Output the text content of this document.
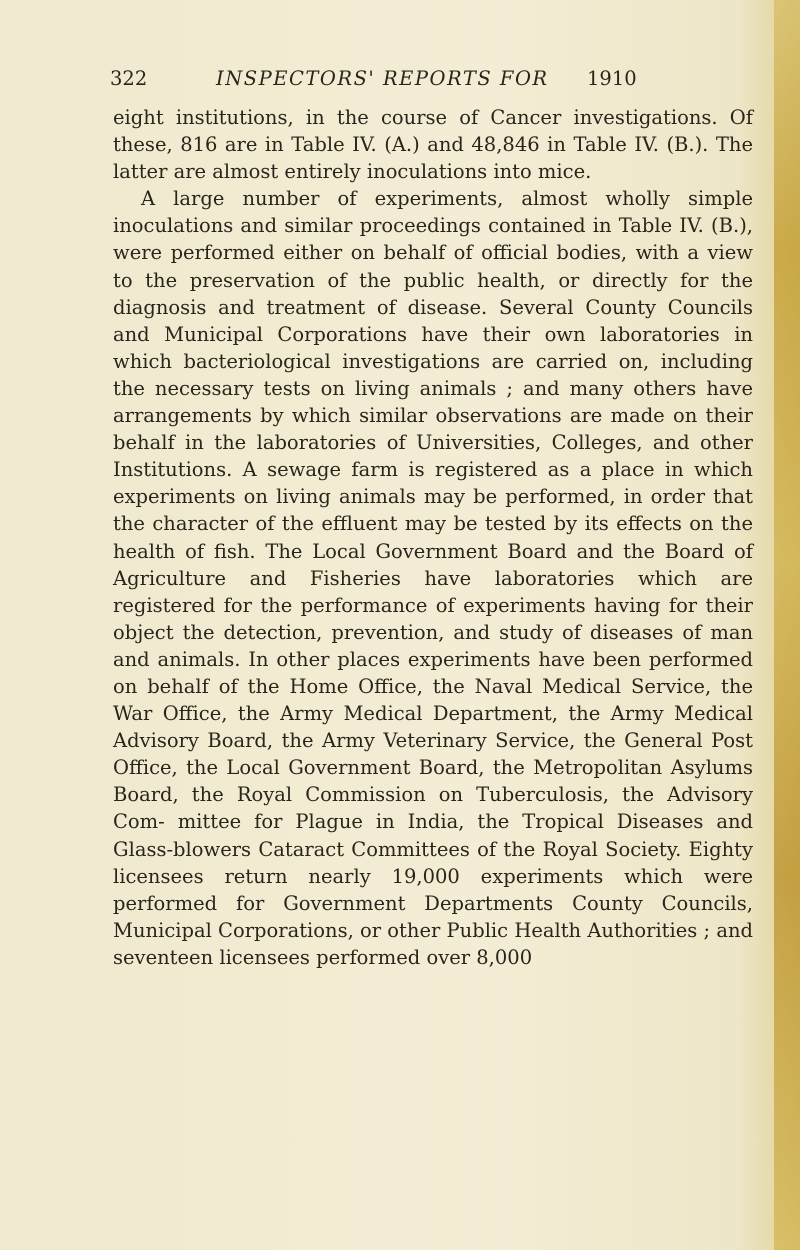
322	INSPECTORS' REPORTS FOR 1910

eight institutions, in the course of Cancer investigations. Of these, 816 are in Table IV. (A.) and 48,846 in Table IV. (B.). The latter are almost entirely inoculations into mice.

A large number of experiments, almost wholly simple inoculations and similar proceedings contained in Table IV. (B.), were performed either on behalf of official bodies, with a view to the preservation of the public health, or directly for the diagnosis and treatment of disease. Several County Councils and Municipal Corporations have their own laboratories in which bacteriological investigations are carried on, including the necessary tests on living animals ; and many others have arrangements by which similar observations are made on their behalf in the laboratories of Universities, Colleges, and other Institutions. A sewage farm is registered as a place in which experiments on living animals may be performed, in order that the character of the effluent may be tested by its effects on the health of fish. The Local Government Board and the Board of Agriculture and Fisheries have laboratories which are registered for the performance of experiments having for their object the detection, prevention, and study of diseases of man and animals. In other places experiments have been performed on behalf of the Home Office, the Naval Medical Service, the War Office, the Army Medical Department, the Army Medical Advisory Board, the Army Veterinary Service, the General Post Office, the Local Government Board, the Metropolitan Asylums Board, the Royal Commission on Tuberculosis, the Advisory Com- mittee for Plague in India, the Tropical Diseases and Glass-blowers Cataract Committees of the Royal Society. Eighty licensees return nearly 19,000 experiments which were performed for Government Departments County Councils, Municipal Corporations, or other Public Health Authorities ; and seventeen licensees performed over 8,000
